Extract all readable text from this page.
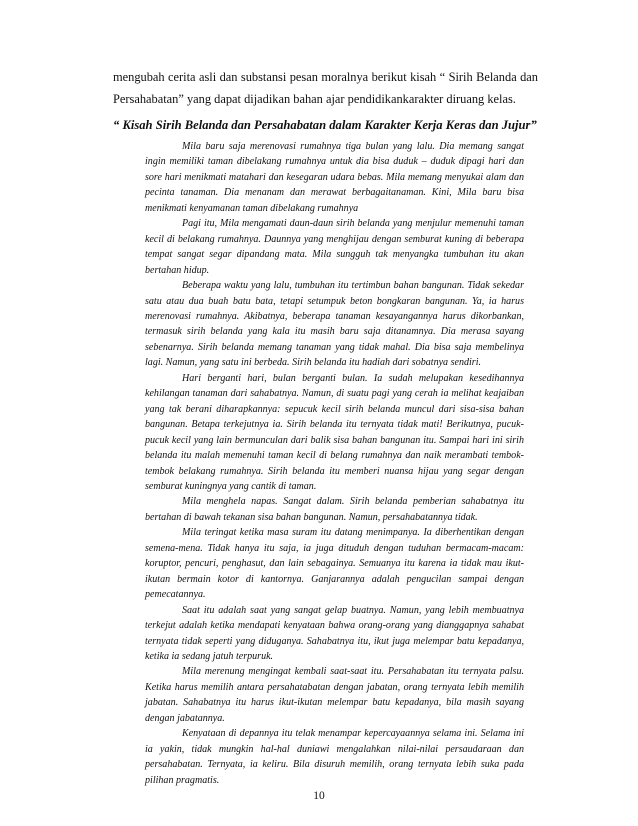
mengubah cerita asli dan substansi pesan moralnya berikut kisah “ Sirih Belanda dan Persahabatan” yang dapat dijadikan bahan ajar pendidikankarakter diruang kelas.

“ Kisah Sirih Belanda dan Persahabatan dalam Karakter Kerja Keras dan Jujur”

Mila baru saja merenovasi rumahnya tiga bulan yang lalu. Dia memang sangat ingin memiliki taman dibelakang rumahnya untuk dia bisa duduk – duduk dipagi hari dan sore hari menikmati matahari dan kesegaran udara bebas. Mila memang menyukai alam dan pecinta tanaman. Dia menanam dan merawat berbagaitanaman. Kini, Mila baru bisa menikmati kenyamanan taman dibelakang rumahnya

Pagi itu, Mila mengamati daun-daun sirih belanda yang menjulur memenuhi taman kecil di belakang rumahnya. Daunnya yang menghijau dengan semburat kuning di beberapa tempat sangat segar dipandang mata. Mila sungguh tak menyangka tumbuhan itu akan bertahan hidup.

Beberapa waktu yang lalu, tumbuhan itu tertimbun bahan bangunan. Tidak sekedar satu atau dua buah batu bata, tetapi setumpuk beton bongkaran bangunan. Ya, ia harus merenovasi rumahnya. Akibatnya, beberapa tanaman kesayangannya harus dikorbankan, termasuk sirih belanda yang kala itu masih baru saja ditanamnya. Dia merasa sayang sebenarnya. Sirih belanda memang tanaman yang tidak mahal. Dia bisa saja membelinya lagi. Namun, yang satu ini berbeda. Sirih belanda itu hadiah dari sobatnya sendiri.

Hari berganti hari, bulan berganti bulan. Ia sudah melupakan kesedihannya kehilangan tanaman dari sahabatnya. Namun, di suatu pagi yang cerah ia melihat keajaiban yang tak berani diharapkannya: sepucuk kecil sirih belanda muncul dari sisa-sisa bahan bangunan. Betapa terkejutnya ia. Sirih belanda itu ternyata tidak mati! Berikutnya, pucuk-pucuk kecil yang lain bermunculan dari balik sisa bahan bangunan itu. Sampai hari ini sirih belanda itu malah memenuhi taman kecil di belang rumahnya dan naik merambati tembok-tembok belakang rumahnya. Sirih belanda itu memberi nuansa hijau yang segar dengan semburat kuningnya yang cantik di taman.

Mila menghela napas. Sangat dalam. Sirih belanda pemberian sahabatnya itu bertahan di bawah tekanan sisa bahan bangunan. Namun, persahabatannya tidak.

Mila teringat ketika masa suram itu datang menimpanya. Ia diberhentikan dengan semena-mena. Tidak hanya itu saja, ia juga dituduh dengan tuduhan bermacam-macam: koruptor, pencuri, penghasut, dan lain sebagainya. Semuanya itu karena ia tidak mau ikut-ikutan bermain kotor di kantornya. Ganjarannya adalah pengucilan sampai dengan pemecatannya.

Saat itu adalah saat yang sangat gelap buatnya. Namun, yang lebih membuatnya terkejut adalah ketika mendapati kenyataan bahwa orang-orang yang dianggapnya sahabat ternyata tidak seperti yang diduganya. Sahabatnya itu, ikut juga melempar batu kepadanya, ketika ia sedang jatuh terpuruk.

Mila merenung mengingat kembali saat-saat itu. Persahabatan itu ternyata palsu. Ketika harus memilih antara persahatabatan dengan jabatan, orang ternyata lebih memilih jabatan. Sahabatnya itu harus ikut-ikutan melempar batu kepadanya, bila masih sayang dengan jabatannya.

Kenyataan di depannya itu telak menampar kepercayaannya selama ini. Selama ini ia yakin, tidak mungkin hal-hal duniawi mengalahkan nilai-nilai persaudaraan dan persahabatan. Ternyata, ia keliru. Bila disuruh memilih, orang ternyata lebih suka pada pilihan pragmatis.

10
